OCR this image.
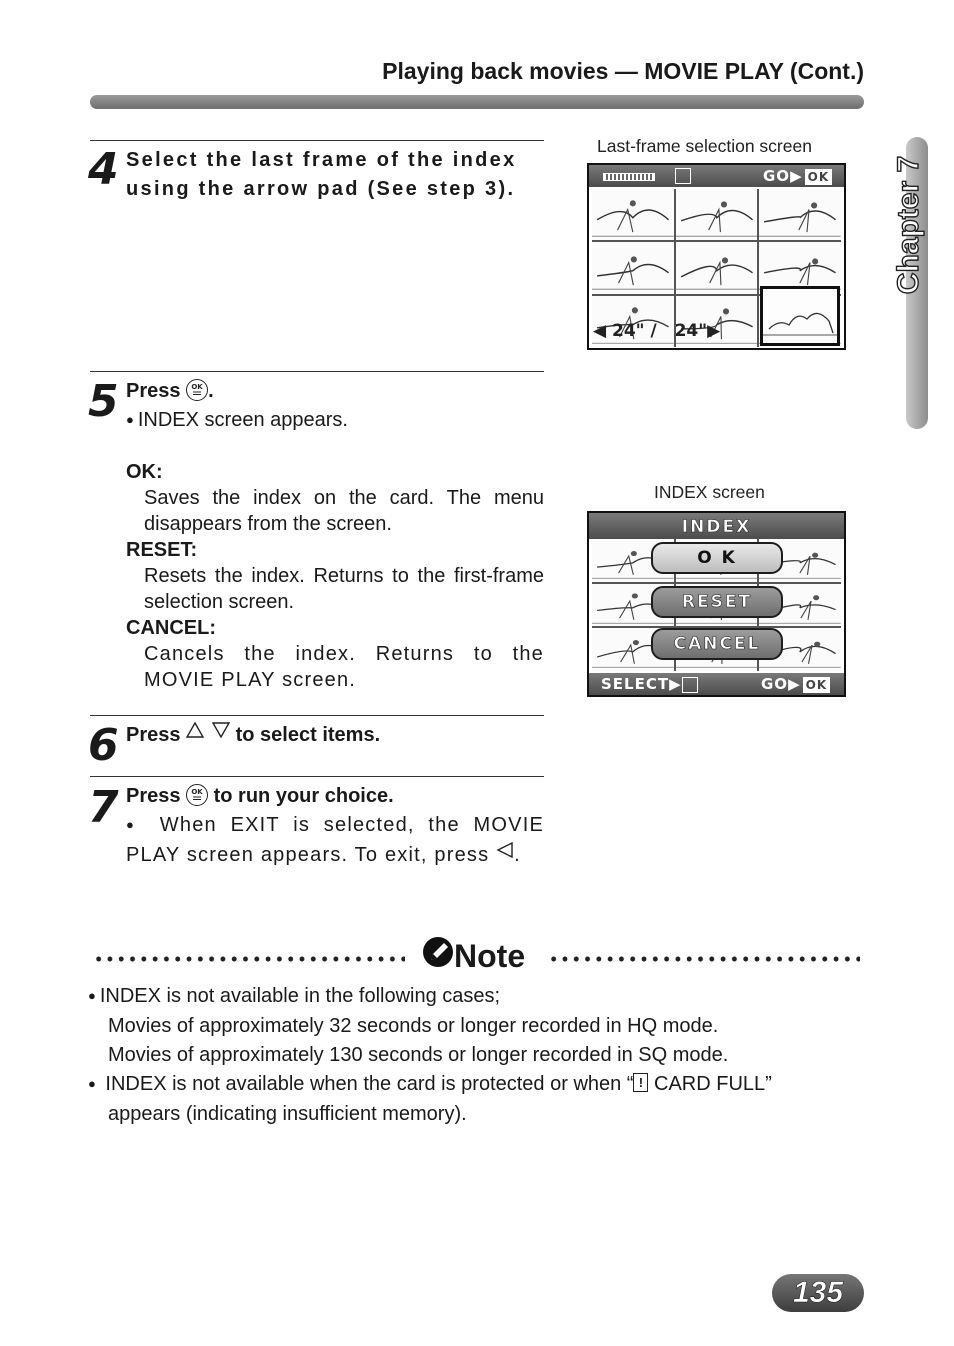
Playing back movies — MOVIE PLAY (Cont.)
Chapter 7
4 Select the last frame of the index using the arrow pad (See step 3).
5 Press OK .
● INDEX screen appears.
OK:
Saves the index on the card. The menu disappears from the screen.
RESET:
Resets the index. Returns to the first-frame selection screen.
CANCEL:
Cancels the index. Returns to the MOVIE PLAY screen.
6 Press	to select items.
7 Press OK to run your choice.
● When EXIT is selected, the MOVIE PLAY screen appears. To exit, press .
Last-frame selection screen
GO▶ OK
◀ 24" / 24"▶
INDEX screen
INDEX
O K
RESET
CANCEL
SELECT▶	GO▶ OK
Note
● INDEX is not available in the following cases;
Movies of approximately 32 seconds or longer recorded in HQ mode.
Movies of approximately 130 seconds or longer recorded in SQ mode.
● INDEX is not available when the card is protected or when “ ! CARD FULL”
appears (indicating insufficient memory).
135
